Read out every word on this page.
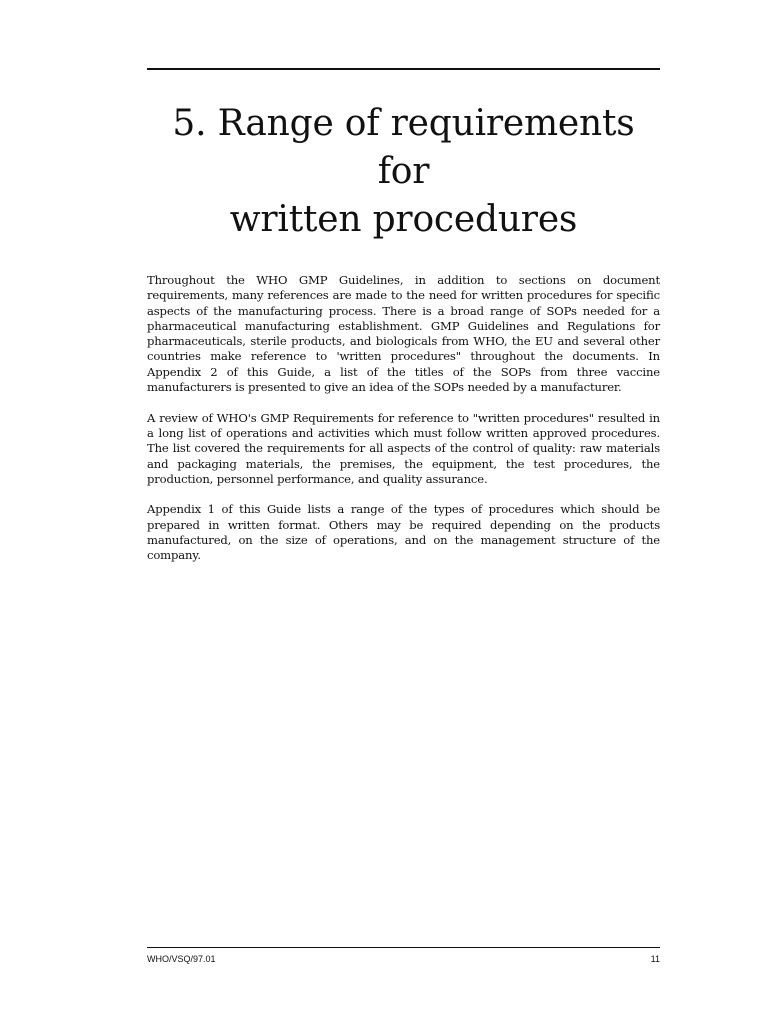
5. Range of requirements for
written procedures

Throughout the WHO GMP Guidelines, in addition to sections on document requirements, many references are made to the need for written procedures for specific aspects of the manufacturing process. There is a broad range of SOPs needed for a pharmaceutical manufacturing establishment. GMP Guidelines and Regulations for pharmaceuticals, sterile products, and biologicals from WHO, the EU and several other countries make reference to 'written procedures" throughout the documents. In Appendix 2 of this Guide, a list of the titles of the SOPs from three vaccine manufacturers is presented to give an idea of the SOPs needed by a manufacturer.

A review of WHO's GMP Requirements for reference to "written procedures" resulted in a long list of operations and activities which must follow written approved procedures. The list covered the requirements for all aspects of the control of quality: raw materials and packaging materials, the premises, the equipment, the test procedures, the production, personnel performance, and quality assurance.

Appendix 1 of this Guide lists a range of the types of procedures which should be prepared in written format. Others may be required depending on the products manufactured, on the size of operations, and on the management structure of the company.

WHO/VSQ/97.01	11
